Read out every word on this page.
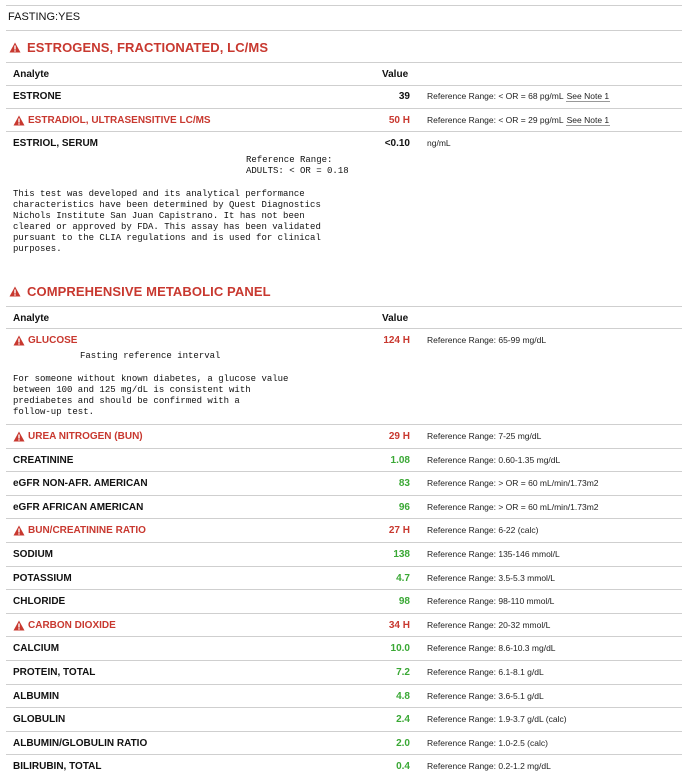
FASTING:YES
ESTROGENS, FRACTIONATED, LC/MS
Analyte	Value
ESTRONE	39 Reference Range: < OR = 68 pg/mL See Note 1
ESTRADIOL, ULTRASENSITIVE LC/MS	50 H Reference Range: < OR = 29 pg/mL See Note 1
ESTRIOL, SERUM	<0.10 ng/mL
Reference Range:
ADULTS: < OR = 0.18
This test was developed and its analytical performance
characteristics have been determined by Quest Diagnostics
Nichols Institute San Juan Capistrano. It has not been
cleared or approved by FDA. This assay has been validated
pursuant to the CLIA regulations and is used for clinical
purposes.
COMPREHENSIVE METABOLIC PANEL
Analyte	Value
GLUCOSE	124 H Reference Range: 65-99 mg/dL
Fasting reference interval
For someone without known diabetes, a glucose value
between 100 and 125 mg/dL is consistent with
prediabetes and should be confirmed with a
follow-up test.
UREA NITROGEN (BUN)	29 H Reference Range: 7-25 mg/dL
CREATININE	1.08 Reference Range: 0.60-1.35 mg/dL
eGFR NON-AFR. AMERICAN	83 Reference Range: > OR = 60 mL/min/1.73m2
eGFR AFRICAN AMERICAN	96 Reference Range: > OR = 60 mL/min/1.73m2
BUN/CREATININE RATIO	27 H Reference Range: 6-22 (calc)
SODIUM	138 Reference Range: 135-146 mmol/L
POTASSIUM	4.7 Reference Range: 3.5-5.3 mmol/L
CHLORIDE	98 Reference Range: 98-110 mmol/L
CARBON DIOXIDE	34 H Reference Range: 20-32 mmol/L
CALCIUM	10.0 Reference Range: 8.6-10.3 mg/dL
PROTEIN, TOTAL	7.2 Reference Range: 6.1-8.1 g/dL
ALBUMIN	4.8 Reference Range: 3.6-5.1 g/dL
GLOBULIN	2.4 Reference Range: 1.9-3.7 g/dL (calc)
ALBUMIN/GLOBULIN RATIO	2.0 Reference Range: 1.0-2.5 (calc)
BILIRUBIN, TOTAL	0.4 Reference Range: 0.2-1.2 mg/dL
